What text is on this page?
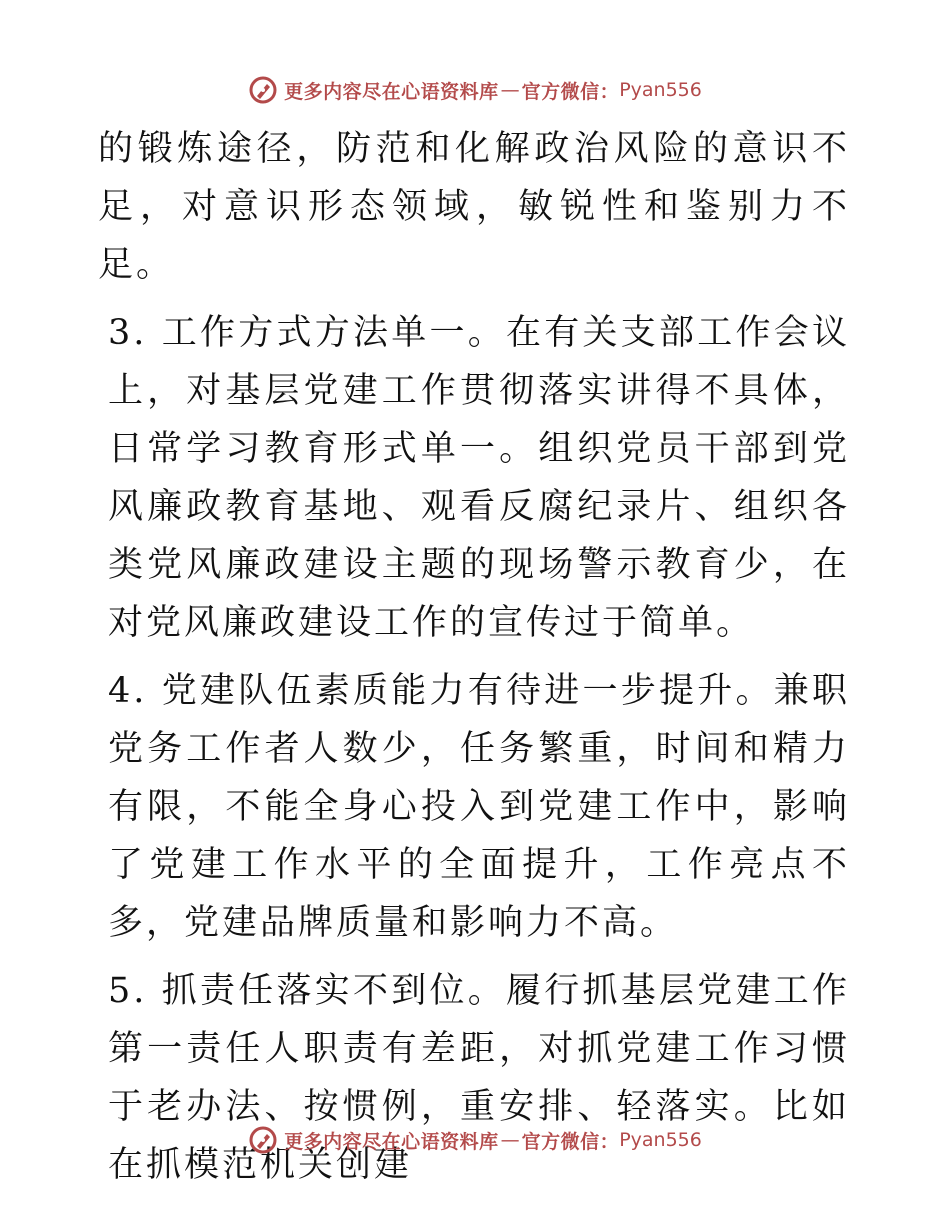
更多内容尽在心语资料库 — 官方微信： Pyan556

的锻炼途径，防范和化解政治风险的意识不足，对意识形态领域，敏锐性和鉴别力不足。

3. 工作方式方法单一。在有关支部工作会议上，对基层党建工作贯彻落实讲得不具体，日常学习教育形式单一。组织党员干部到党风廉政教育基地、观看反腐纪录片、组织各类党风廉政建设主题的现场警示教育少，在对党风廉政建设工作的宣传过于简单。

4. 党建队伍素质能力有待进一步提升。兼职党务工作者人数少，任务繁重，时间和精力有限，不能全身心投入到党建工作中，影响了党建工作水平的全面提升，工作亮点不多，党建品牌质量和影响力不高。

5. 抓责任落实不到位。履行抓基层党建工作第一责任人职责有差距，对抓党建工作习惯于老办法、按惯例，重安排、轻落实。比如在抓模范机关创建

更多内容尽在心语资料库 — 官方微信： Pyan556
